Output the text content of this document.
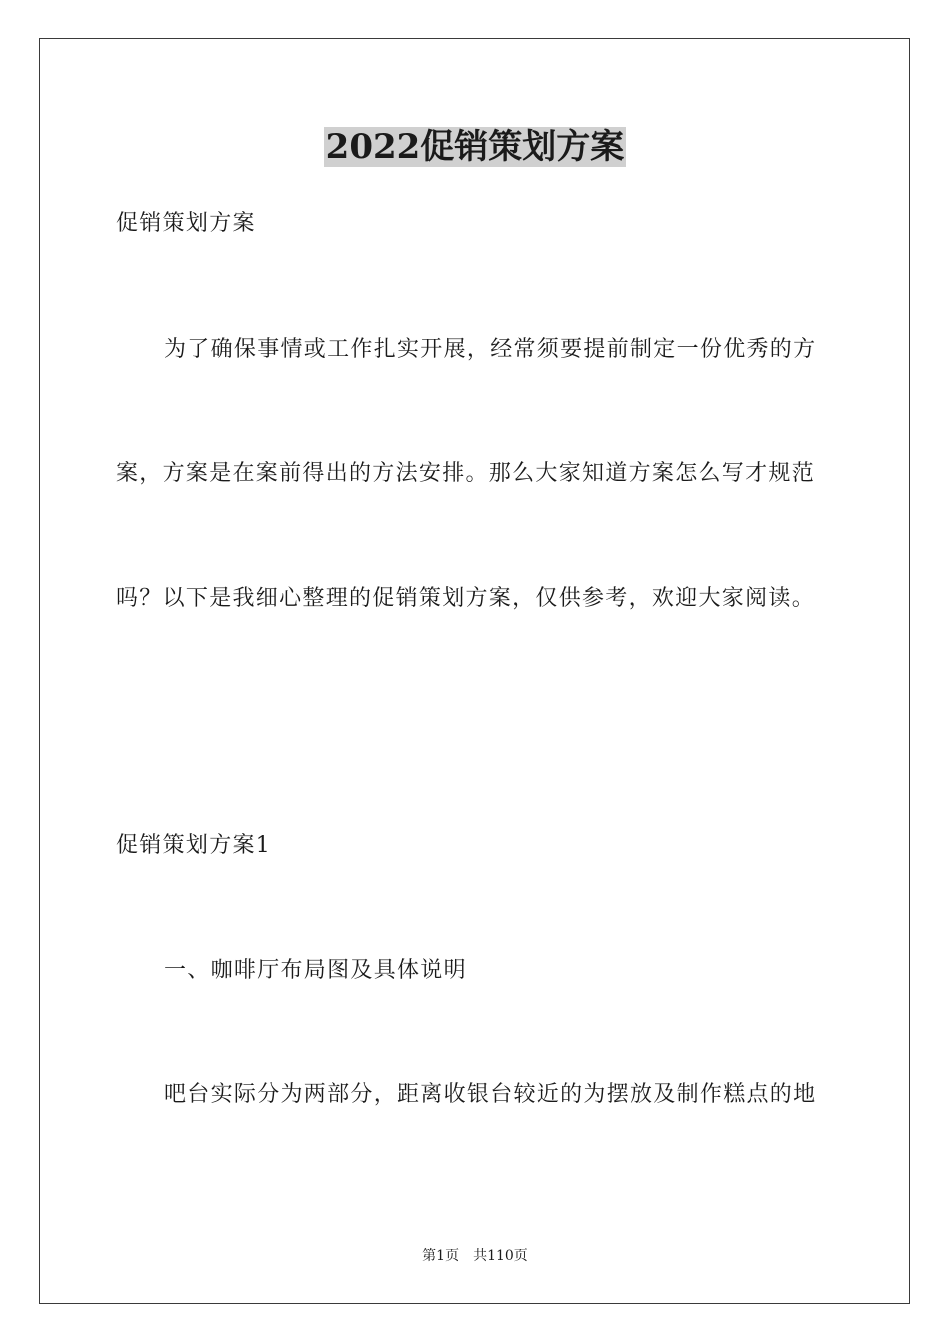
2022促销策划方案
促销策划方案
为了确保事情或工作扎实开展，经常须要提前制定一份优秀的方
案，方案是在案前得出的方法安排。那么大家知道方案怎么写才规范
吗？以下是我细心整理的促销策划方案，仅供参考，欢迎大家阅读。
促销策划方案1
一、咖啡厅布局图及具体说明
吧台实际分为两部分，距离收银台较近的为摆放及制作糕点的地
第1页　共110页
